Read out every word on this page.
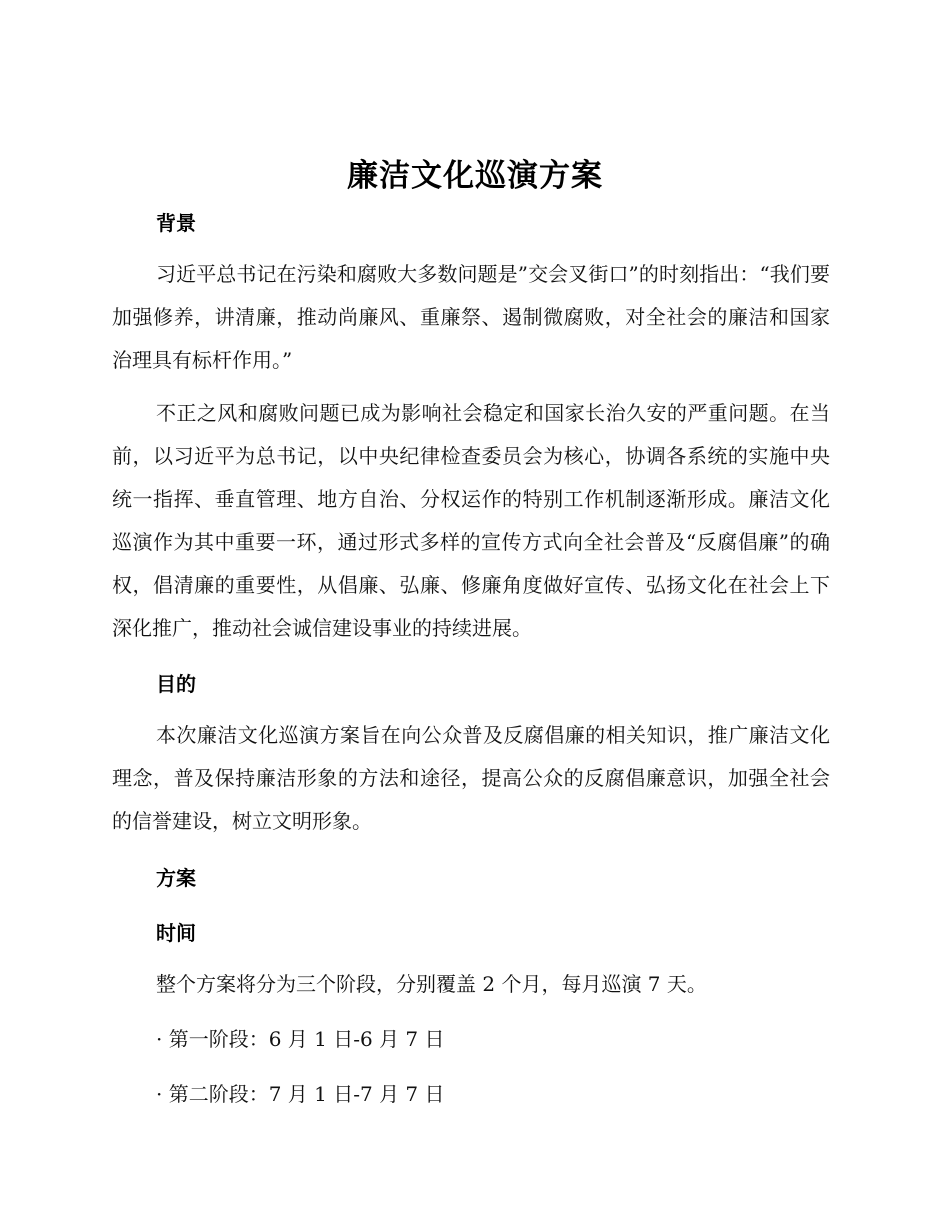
廉洁文化巡演方案
背景

习近平总书记在污染和腐败大多数问题是”交会叉街口”的时刻指出：“我们要加强修养，讲清廉，推动尚廉风、重廉祭、遏制微腐败，对全社会的廉洁和国家治理具有标杆作用。”

不正之风和腐败问题已成为影响社会稳定和国家长治久安的严重问题。在当前，以习近平为总书记，以中央纪律检查委员会为核心，协调各系统的实施中央统一指挥、垂直管理、地方自治、分权运作的特别工作机制逐渐形成。廉洁文化巡演作为其中重要一环，通过形式多样的宣传方式向全社会普及“反腐倡廉”的确权，倡清廉的重要性，从倡廉、弘廉、修廉角度做好宣传、弘扬文化在社会上下深化推广，推动社会诚信建设事业的持续进展。

目的

本次廉洁文化巡演方案旨在向公众普及反腐倡廉的相关知识，推广廉洁文化理念，普及保持廉洁形象的方法和途径，提高公众的反腐倡廉意识，加强全社会的信誉建设，树立文明形象。

方案
时间

整个方案将分为三个阶段，分别覆盖 2 个月，每月巡演 7 天。

· 第一阶段：6 月 1 日-6 月 7 日

· 第二阶段：7 月 1 日-7 月 7 日
